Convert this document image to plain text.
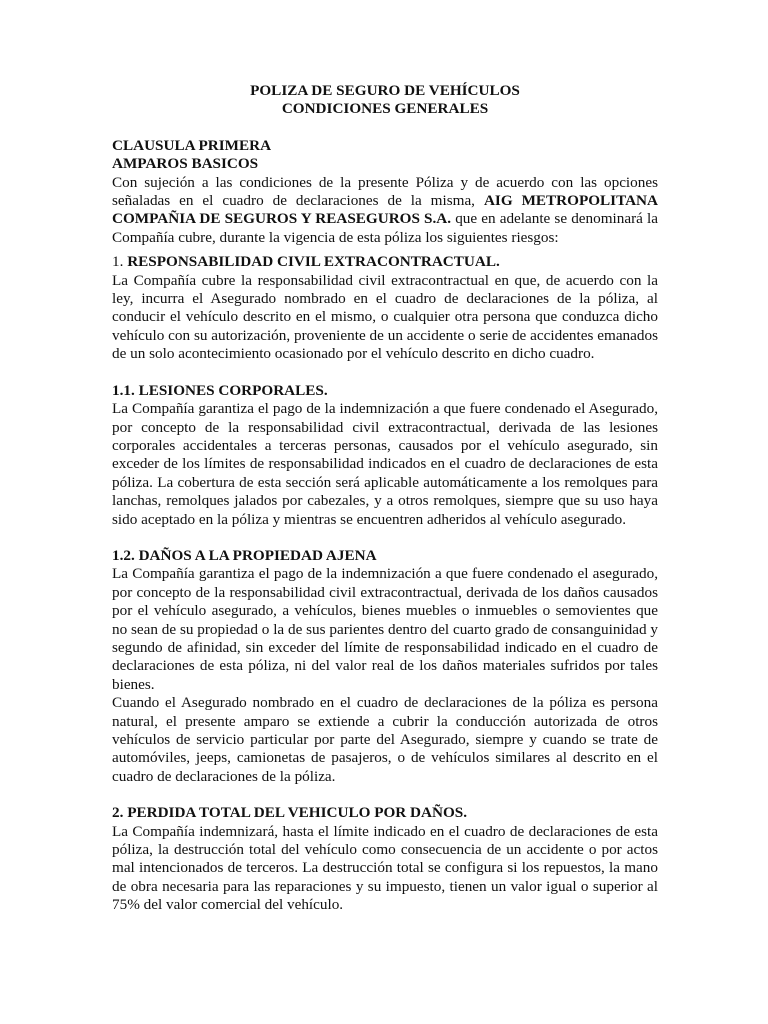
POLIZA DE SEGURO DE VEHÍCULOS

CONDICIONES GENERALES

CLAUSULA PRIMERA

AMPAROS BASICOS

Con sujeción a las condiciones de la presente Póliza y de acuerdo con las opciones señaladas en el cuadro de declaraciones de la misma, AIG METROPOLITANA COMPAÑIA DE SEGUROS Y REASEGUROS S.A. que en adelante se denominará la Compañía cubre, durante la vigencia de esta póliza los siguientes riesgos:

1. RESPONSABILIDAD CIVIL EXTRACONTRACTUAL.

La Compañía cubre la responsabilidad civil extracontractual en que, de acuerdo con la ley, incurra el Asegurado nombrado en el cuadro de declaraciones de la póliza, al conducir el vehículo descrito en el mismo, o cualquier otra persona que conduzca dicho vehículo con su autorización, proveniente de un accidente o serie de accidentes emanados de un solo acontecimiento ocasionado por el vehículo descrito en dicho cuadro.

1.1. LESIONES CORPORALES.

La Compañía garantiza el pago de la indemnización a que fuere condenado el Asegurado, por concepto de la responsabilidad civil extracontractual, derivada de las lesiones corporales accidentales a terceras personas, causados por el vehículo asegurado, sin exceder de los límites de responsabilidad indicados en el cuadro de declaraciones de esta póliza. La cobertura de esta sección será aplicable automáticamente a los remolques para lanchas, remolques jalados por cabezales, y a otros remolques, siempre que su uso haya sido aceptado en la póliza y mientras se encuentren adheridos al vehículo asegurado.

1.2. DAÑOS A LA PROPIEDAD AJENA

La Compañía garantiza el pago de la indemnización a que fuere condenado el asegurado, por concepto de la responsabilidad civil extracontractual, derivada de los daños causados por el vehículo asegurado, a vehículos, bienes muebles o inmuebles o semovientes que no sean de su propiedad o la de sus parientes dentro del cuarto grado de consanguinidad y segundo de afinidad, sin exceder del límite de responsabilidad indicado en el cuadro de declaraciones de esta póliza, ni del valor real de los daños materiales sufridos por tales bienes.

Cuando el Asegurado nombrado en el cuadro de declaraciones de la póliza es persona natural, el presente amparo se extiende a cubrir la conducción autorizada de otros vehículos de servicio particular por parte del Asegurado, siempre y cuando se trate de automóviles, jeeps, camionetas de pasajeros, o de vehículos similares al descrito en el cuadro de declaraciones de la póliza.

2. PERDIDA TOTAL DEL VEHICULO POR DAÑOS.

La Compañía indemnizará, hasta el límite indicado en el cuadro de declaraciones de esta póliza, la destrucción total del vehículo como consecuencia de un accidente o por actos mal intencionados de terceros. La destrucción total se configura si los repuestos, la mano de obra necesaria para las reparaciones y su impuesto, tienen un valor igual o superior al 75% del valor comercial del vehículo.
